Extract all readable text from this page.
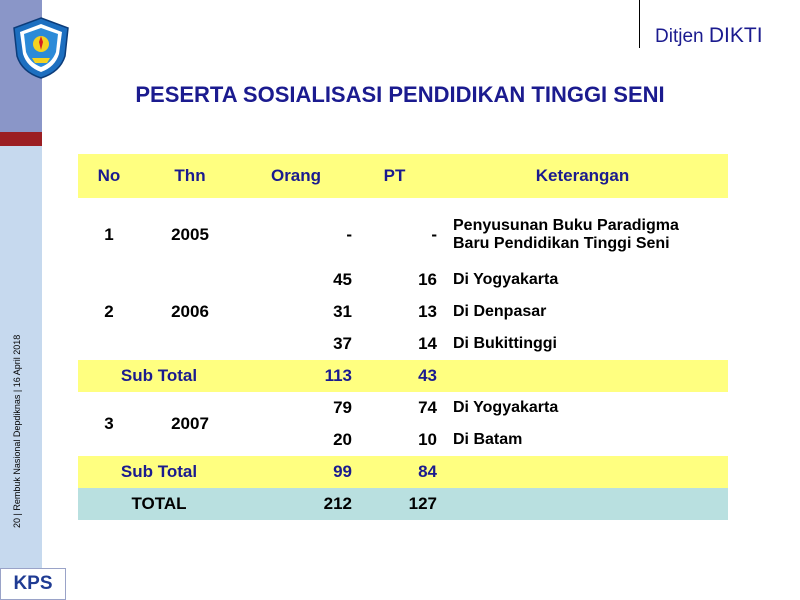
20 | Rembuk Nasional Depdiknas | 16 April 2018
KPS
Ditjen DIKTI
PESERTA SOSIALISASI PENDIDIKAN TINGGI SENI
No	Thn	Orang	PT	Keterangan

1	2005	-	-	Penyusunan Buku Paradigma
Baru Pendidikan Tinggi Seni

2	2006	45	16	Di Yogyakarta
		31	13	Di Denpasar
		37	14	Di Bukittinggi
Sub Total		113	43	
3	2007	79	74	Di Yogyakarta
		20	10	Di Batam
Sub Total		99	84	
TOTAL		212	127	
